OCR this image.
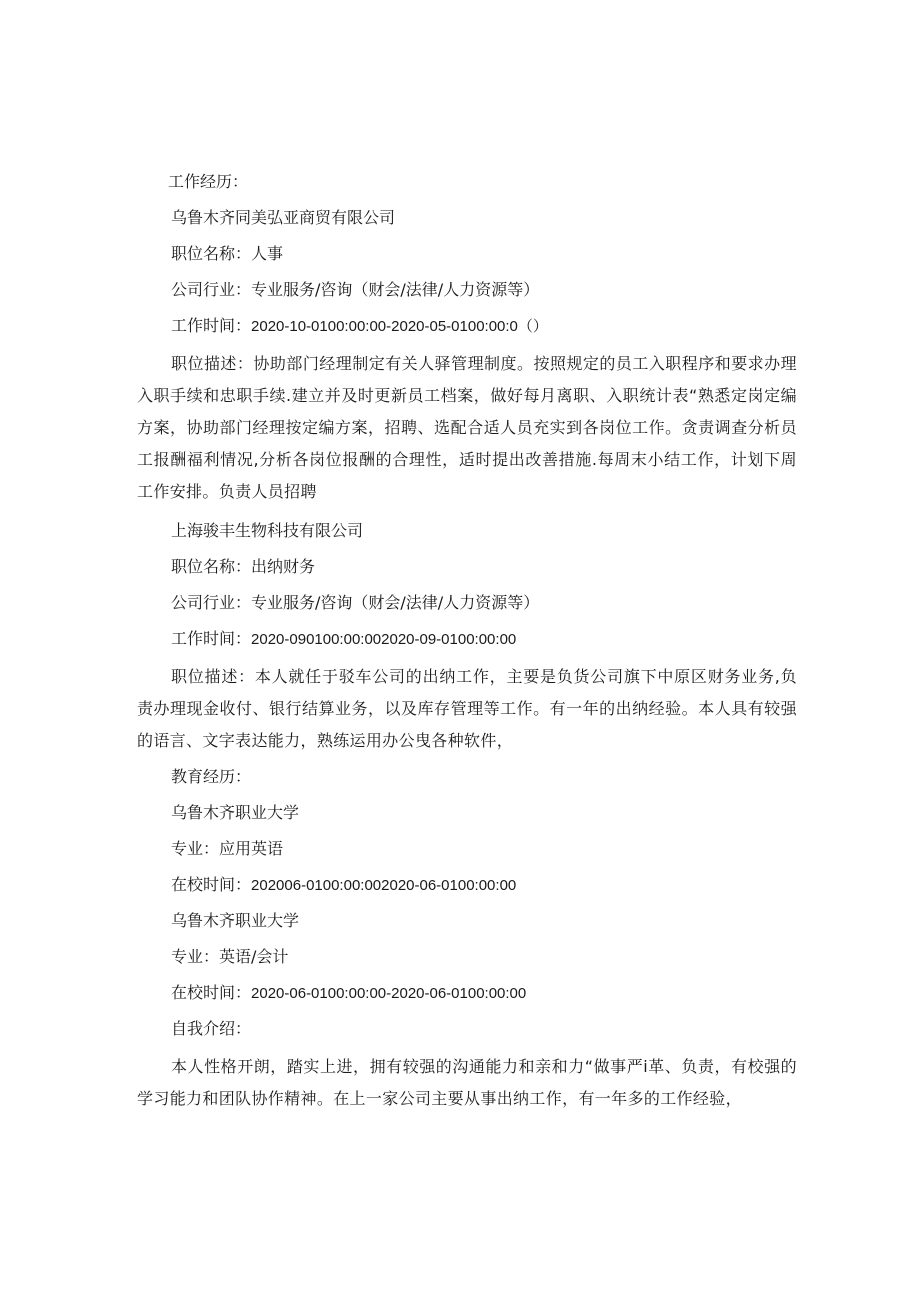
工作经历：
乌鲁木齐同美弘亚商贸有限公司
职位名称：人事
公司行业：专业服务/咨询（财会/法律/人力资源等）
工作时间：2020-10-0100:00:00-2020-05-0100:00:0（）
职位描述：协助部门经理制定有关人驿管理制度。按照规定的员工入职程序和要求办理入职手续和忠职手续.建立并及时更新员工档案，做好每月离职、入职统计表“熟悉定岗定编方案，协助部门经理按定编方案，招聘、选配合适人员充实到各岗位工作。贪责调查分析员工报酬福利情况,分析各岗位报酬的合理性，适时提出改善措施.每周末小结工作，计划下周工作安排。负责人员招聘
上海骏丰生物科技有限公司
职位名称：出纳财务
公司行业：专业服务/咨询（财会/法律/人力资源等）
工作时间：2020-090100:00:002020-09-0100:00:00
职位描述：本人就任于驳车公司的出纳工作，主要是负货公司旗下中原区财务业务,负责办理现金收付、银行结算业务，以及库存管理等工作。有一年的出纳经验。本人具有较强的语言、文字表达能力，熟练运用办公曳各种软件，
教育经历：
乌鲁木齐职业大学
专业：应用英语
在校时间：202006-0100:00:002020-06-0100:00:00
乌鲁木齐职业大学
专业：英语/会计
在校时间：2020-06-0100:00:00-2020-06-0100:00:00
自我介绍：
本人性格开朗，踏实上进，拥有较强的沟通能力和亲和力“做事严i革、负责，有校强的学习能力和团队协作精神。在上一家公司主要从事出纳工作，有一年多的工作经验，
